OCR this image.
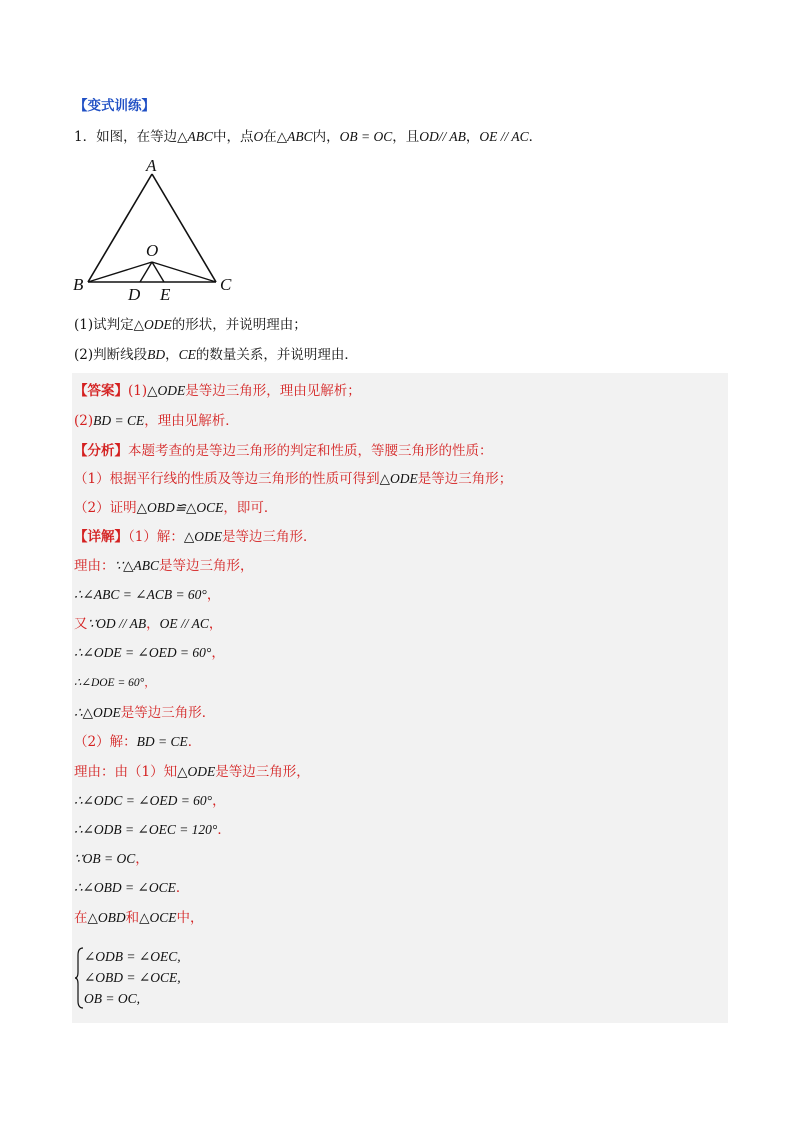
【变式训练】
1．如图，在等边△ABC中，点O在△ABC内，OB = OC，且OD// AB，OE // AC．
A
B	C
O
D E
(1)试判定△ODE的形状，并说明理由；
(2)判断线段BD，CE的数量关系，并说明理由．
【答案】(1)△ODE是等边三角形，理由见解析；
(2)BD = CE，理由见解析．
【分析】本题考查的是等边三角形的判定和性质，等腰三角形的性质：
（1）根据平行线的性质及等边三角形的性质可得到△ODE是等边三角形；
（2）证明△OBD≌△OCE，即可．
【详解】（1）解：△ODE是等边三角形．
理由：∵△ABC是等边三角形，
∴∠ABC = ∠ACB = 60°，
又∵OD // AB，OE // AC，
∴∠ODE = ∠OED = 60°，
∴∠DOE = 60°，
∴△ODE是等边三角形．
（2）解：BD = CE．
理由：由（1）知△ODE是等边三角形，
∴∠ODC = ∠OED = 60°，
∴∠ODB = ∠OEC = 120°．
∵OB = OC，
∴∠OBD = ∠OCE．
在△OBD和△OCE中，
∠ODB = ∠OEC,
∠OBD = ∠OCE,
OB = OC,
